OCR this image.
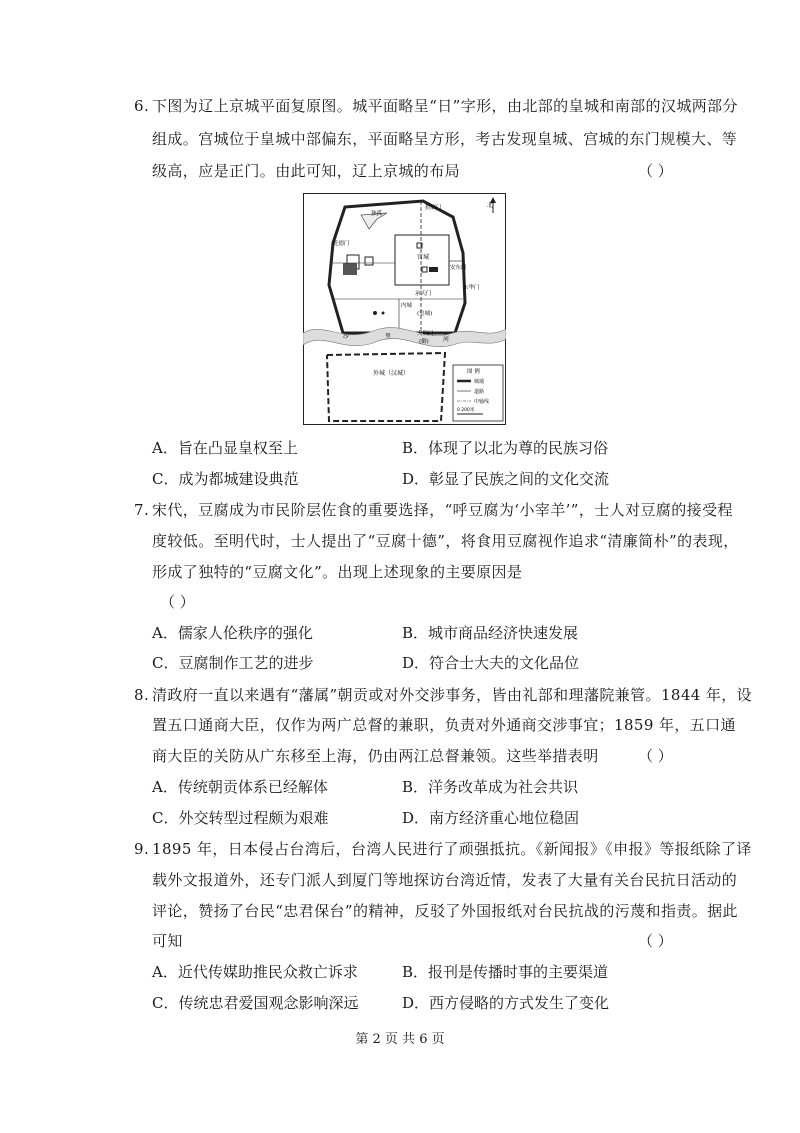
6. 下图为辽上京城平面复原图。城平面略呈“日”字形，由北部的皇城和南部的汉城两部分
组成。宫城位于皇城中部偏东，平面略呈方形，考古发现皇城、宫城的东门规模大、等
级高，应是正门。由此可知，辽上京城的布局	（ ）
北
拱辰门
独孤
乾德门
宫城
安东门
东华门
承天门
内城
(皇城)
大顺门
(御)
沙	里	河
外城（汉城）	图 例
城墙
道路
中轴线
0 200米
A．旨在凸显皇权至上	B．体现了以北为尊的民族习俗
C．成为都城建设典范	D．彰显了民族之间的文化交流
7. 宋代，豆腐成为市民阶层佐食的重要选择，“呼豆腐为‘小宰羊’”，士人对豆腐的接受程
度较低。至明代时，士人提出了“豆腐十德”，将食用豆腐视作追求“清廉简朴”的表现，
形成了独特的“豆腐文化”。出现上述现象的主要原因是
（ ）
A．儒家人伦秩序的强化	B．城市商品经济快速发展
C．豆腐制作工艺的进步	D．符合士大夫的文化品位
8. 清政府一直以来遇有“藩属”朝贡或对外交涉事务，皆由礼部和理藩院兼管。1844 年，设
置五口通商大臣，仅作为两广总督的兼职，负责对外通商交涉事宜；1859 年，五口通
商大臣的关防从广东移至上海，仍由两江总督兼领。这些举措表明	（ ）
A．传统朝贡体系已经解体	B．洋务改革成为社会共识
C．外交转型过程颇为艰难	D．南方经济重心地位稳固
9. 1895 年，日本侵占台湾后，台湾人民进行了顽强抵抗。《新闻报》《申报》等报纸除了译
载外文报道外，还专门派人到厦门等地探访台湾近情，发表了大量有关台民抗日活动的
评论，赞扬了台民“忠君保台”的精神，反驳了外国报纸对台民抗战的污蔑和指责。据此
可知	（ ）
A．近代传媒助推民众救亡诉求	B．报刊是传播时事的主要渠道
C．传统忠君爱国观念影响深远	D．西方侵略的方式发生了变化
第 2 页 共 6 页
